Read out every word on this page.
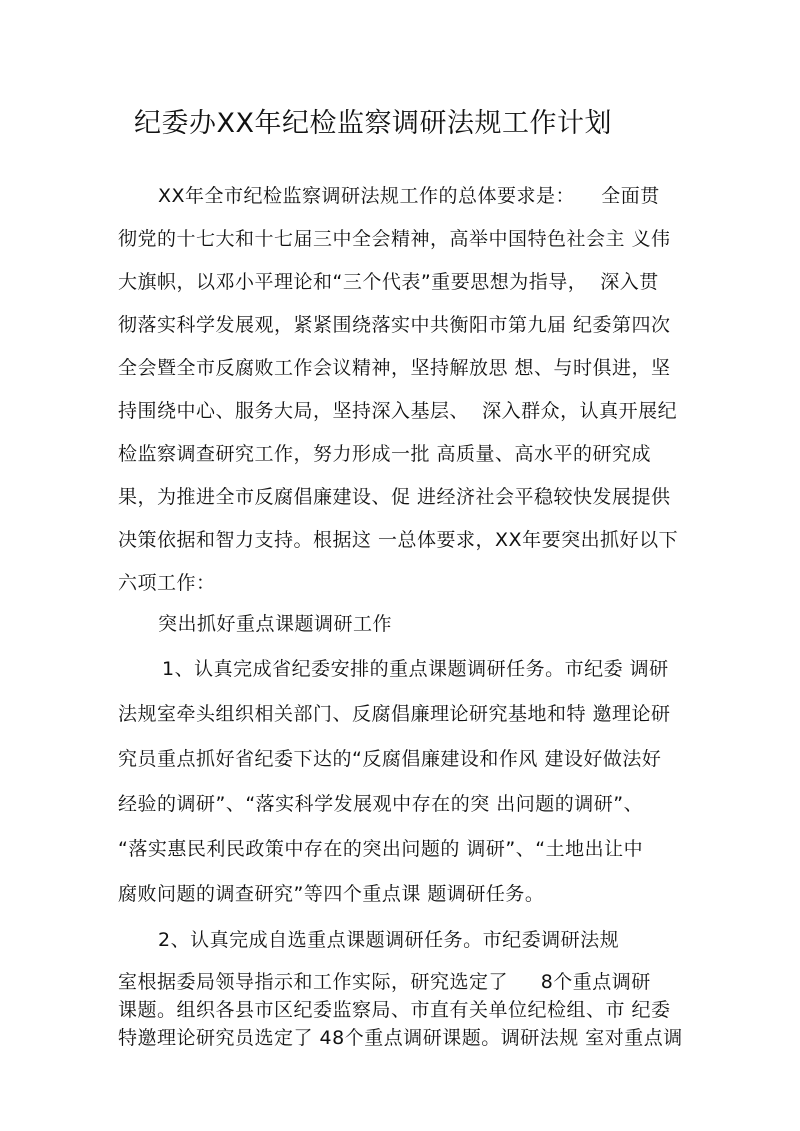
纪委办XX年纪检监察调研法规工作计划
XX年全市纪检监察调研法规工作的总体要求是：    全面贯
彻党的十七大和十七届三中全会精神，高举中国特色社会主 义伟
大旗帜，以邓小平理论和“三个代表”重要思想为指导，  深入贯
彻落实科学发展观，紧紧围绕落实中共衡阳市第九届 纪委第四次
全会暨全市反腐败工作会议精神，坚持解放思 想、与时俱进，坚
持围绕中心、服务大局，坚持深入基层、  深入群众，认真开展纪
检监察调查研究工作，努力形成一批 高质量、高水平的研究成
果，为推进全市反腐倡廉建设、促 进经济社会平稳较快发展提供
决策依据和智力支持。根据这 一总体要求，XX年要突出抓好以下
六项工作：
突出抓好重点课题调研工作
1、认真完成省纪委安排的重点课题调研任务。市纪委 调研
法规室牵头组织相关部门、反腐倡廉理论研究基地和特 邀理论研
究员重点抓好省纪委下达的“反腐倡廉建设和作风 建设好做法好
经验的调研”、“落实科学发展观中存在的突 出问题的调研”、
“落实惠民利民政策中存在的突出问题的 调研”、“土地出让中
腐败问题的调查研究”等四个重点课 题调研任务。
2、认真完成自选重点课题调研任务。市纪委调研法规
室根据委局领导指示和工作实际，研究选定了     8个重点调研
课题。组织各县市区纪委监察局、市直有关单位纪检组、市 纪委
特邀理论研究员选定了 48个重点调研课题。调研法规 室对重点调
